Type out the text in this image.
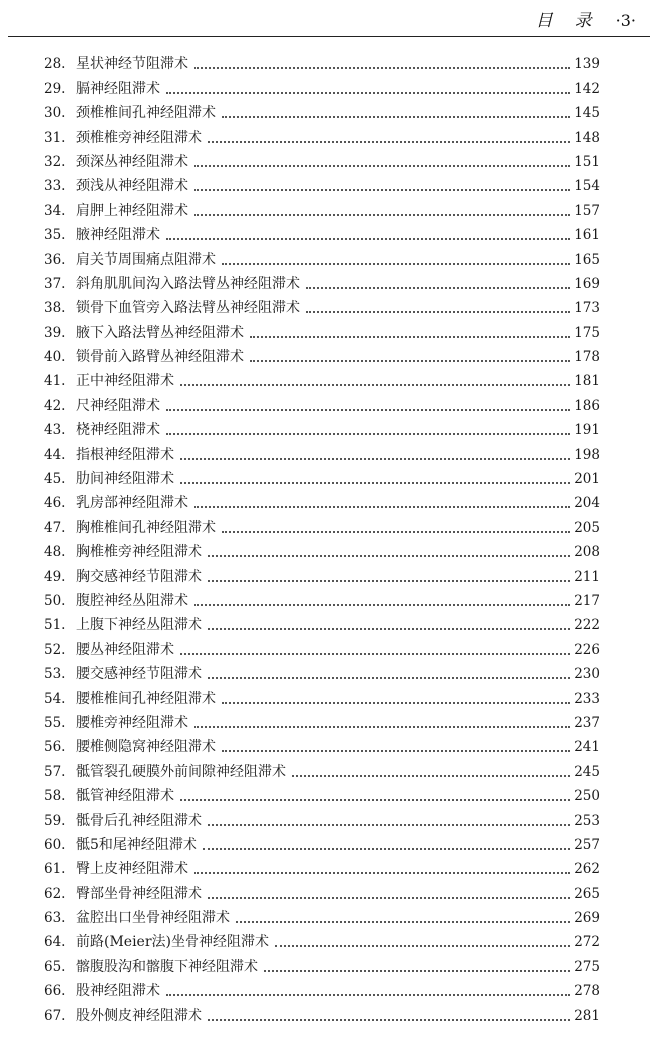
目录 ·3·
28. 星状神经节阻滞术	139
29. 膈神经阻滞术	142
30. 颈椎椎间孔神经阻滞术	145
31. 颈椎椎旁神经阻滞术	148
32. 颈深丛神经阻滞术	151
33. 颈浅从神经阻滞术	154
34. 肩胛上神经阻滞术	157
35. 腋神经阻滞术	161
36. 肩关节周围痛点阻滞术	165
37. 斜角肌肌间沟入路法臂丛神经阻滞术	169
38. 锁骨下血管旁入路法臂丛神经阻滞术	173
39. 腋下入路法臂丛神经阻滞术	175
40. 锁骨前入路臂丛神经阻滞术	178
41. 正中神经阻滞术	181
42. 尺神经阻滞术	186
43. 桡神经阻滞术	191
44. 指根神经阻滞术	198
45. 肋间神经阻滞术	201
46. 乳房部神经阻滞术	204
47. 胸椎椎间孔神经阻滞术	205
48. 胸椎椎旁神经阻滞术	208
49. 胸交感神经节阻滞术	211
50. 腹腔神经丛阻滞术	217
51. 上腹下神经丛阻滞术	222
52. 腰丛神经阻滞术	226
53. 腰交感神经节阻滞术	230
54. 腰椎椎间孔神经阻滞术	233
55. 腰椎旁神经阻滞术	237
56. 腰椎侧隐窝神经阻滞术	241
57. 骶管裂孔硬膜外前间隙神经阻滞术	245
58. 骶管神经阻滞术	250
59. 骶骨后孔神经阻滞术	253
60. 骶5和尾神经阻滞术	257
61. 臀上皮神经阻滞术	262
62. 臀部坐骨神经阻滞术	265
63. 盆腔出口坐骨神经阻滞术	269
64. 前路(Meier法)坐骨神经阻滞术	272
65. 髂腹股沟和髂腹下神经阻滞术	275
66. 股神经阻滞术	278
67. 股外侧皮神经阻滞术	281
